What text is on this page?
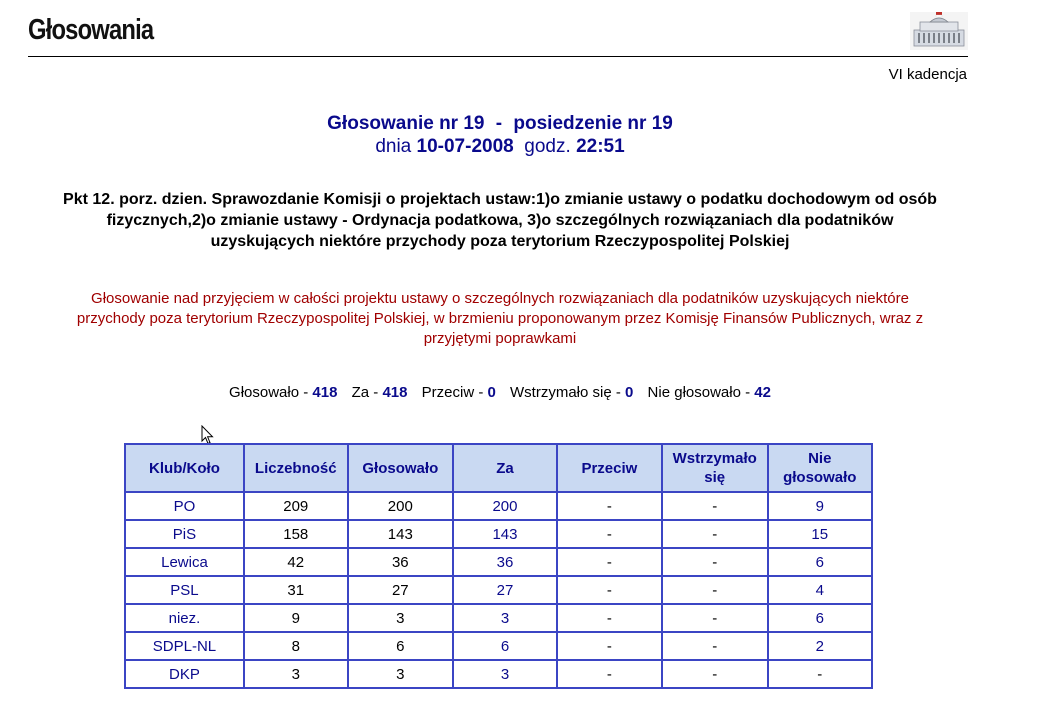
Głosowania
VI kadencja
Głosowanie nr 19 - posiedzenie nr 19
dnia 10-07-2008 godz. 22:51
Pkt 12. porz. dzien. Sprawozdanie Komisji o projektach ustaw:1)o zmianie ustawy o podatku dochodowym od osób fizycznych,2)o zmianie ustawy - Ordynacja podatkowa, 3)o szczególnych rozwiązaniach dla podatników uzyskujących niektóre przychody poza terytorium Rzeczypospolitej Polskiej
Głosowanie nad przyjęciem w całości projektu ustawy o szczególnych rozwiązaniach dla podatników uzyskujących niektóre przychody poza terytorium Rzeczypospolitej Polskiej, w brzmieniu proponowanym przez Komisję Finansów Publicznych, wraz z przyjętymi poprawkami
Głosowało - 418 Za - 418 Przeciw - 0 Wstrzymało się - 0 Nie głosowało - 42
Klub/Koło	Liczebność	Głosowało	Za	Przeciw	Wstrzymało się	Nie głosowało
PO	209	200	200	-	-	9
PiS	158	143	143	-	-	15
Lewica	42	36	36	-	-	6
PSL	31	27	27	-	-	4
niez.	9	3	3	-	-	6
SDPL-NL	8	6	6	-	-	2
DKP	3	3	3	-	-	-
